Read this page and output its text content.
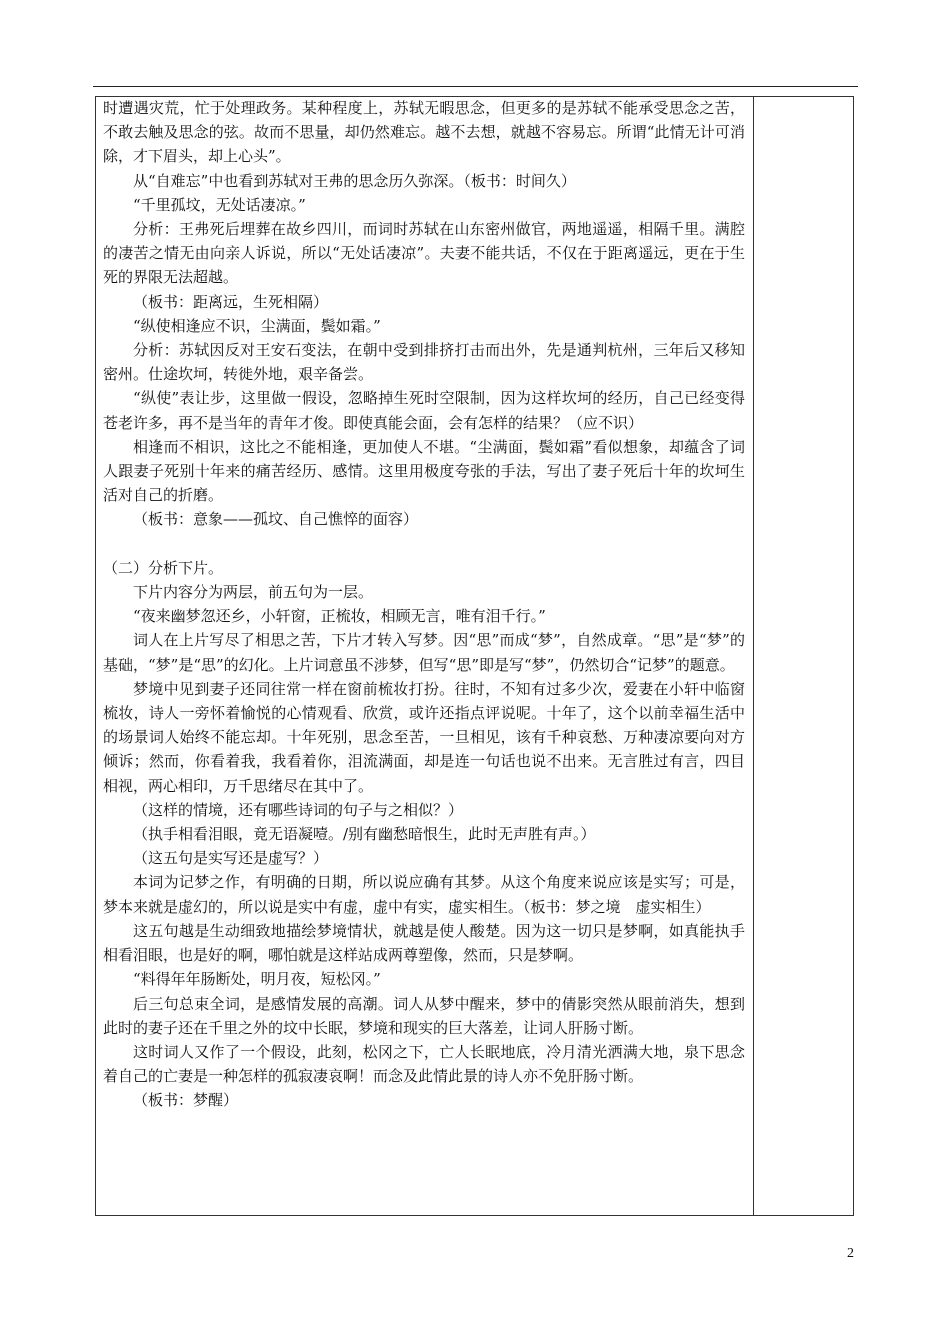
时遭遇灾荒，忙于处理政务。某种程度上，苏轼无暇思念，但更多的是苏轼不能承受思念之苦，不敢去触及思念的弦。故而不思量，却仍然难忘。越不去想，就越不容易忘。所谓“此情无计可消除，才下眉头，却上心头”。

从“自难忘”中也看到苏轼对王弗的思念历久弥深。（板书：时间久）

“千里孤坟，无处话凄凉。”

分析：王弗死后埋葬在故乡四川，而词时苏轼在山东密州做官，两地遥遥，相隔千里。满腔的凄苦之情无由向亲人诉说，所以“无处话凄凉”。夫妻不能共话，不仅在于距离遥远，更在于生死的界限无法超越。

（板书：距离远，生死相隔）

“纵使相逢应不识，尘满面，鬓如霜。”

分析：苏轼因反对王安石变法，在朝中受到排挤打击而出外，先是通判杭州，三年后又移知密州。仕途坎坷，转徙外地，艰辛备尝。

“纵使”表让步，这里做一假设，忽略掉生死时空限制，因为这样坎坷的经历，自己已经变得苍老许多，再不是当年的青年才俊。即使真能会面，会有怎样的结果？（应不识）

相逢而不相识，这比之不能相逢，更加使人不堪。“尘满面，鬓如霜”看似想象，却蕴含了词人跟妻子死别十年来的痛苦经历、感情。这里用极度夸张的手法，写出了妻子死后十年的坎坷生活对自己的折磨。

（板书：意象——孤坟、自己憔悴的面容）

（二）分析下片。

下片内容分为两层，前五句为一层。

“夜来幽梦忽还乡，小轩窗，正梳妆，相顾无言，唯有泪千行。”

词人在上片写尽了相思之苦，下片才转入写梦。因“思”而成“梦”，自然成章。“思”是“梦”的基础，“梦”是“思”的幻化。上片词意虽不涉梦，但写“思”即是写“梦”，仍然切合“记梦”的题意。

梦境中见到妻子还同往常一样在窗前梳妆打扮。往时，不知有过多少次，爱妻在小轩中临窗梳妆，诗人一旁怀着愉悦的心情观看、欣赏，或许还指点评说呢。十年了，这个以前幸福生活中的场景词人始终不能忘却。十年死别，思念至苦，一旦相见，该有千种哀愁、万种凄凉要向对方倾诉；然而，你看着我，我看着你，泪流满面，却是连一句话也说不出来。无言胜过有言，四目相视，两心相印，万千思绪尽在其中了。

（这样的情境，还有哪些诗词的句子与之相似？）

（执手相看泪眼，竟无语凝噎。/别有幽愁暗恨生，此时无声胜有声。）

（这五句是实写还是虚写？）

本词为记梦之作，有明确的日期，所以说应确有其梦。从这个角度来说应该是实写；可是，梦本来就是虚幻的，所以说是实中有虚，虚中有实，虚实相生。（板书：梦之境　虚实相生）

这五句越是生动细致地描绘梦境情状，就越是使人酸楚。因为这一切只是梦啊，如真能执手相看泪眼，也是好的啊，哪怕就是这样站成两尊塑像，然而，只是梦啊。

“料得年年肠断处，明月夜，短松冈。”

后三句总束全词，是感情发展的高潮。词人从梦中醒来，梦中的倩影突然从眼前消失，想到此时的妻子还在千里之外的坟中长眠，梦境和现实的巨大落差，让词人肝肠寸断。

这时词人又作了一个假设，此刻，松冈之下，亡人长眠地底，冷月清光洒满大地，泉下思念着自己的亡妻是一种怎样的孤寂凄哀啊！而念及此情此景的诗人亦不免肝肠寸断。

（板书：梦醒）

2
